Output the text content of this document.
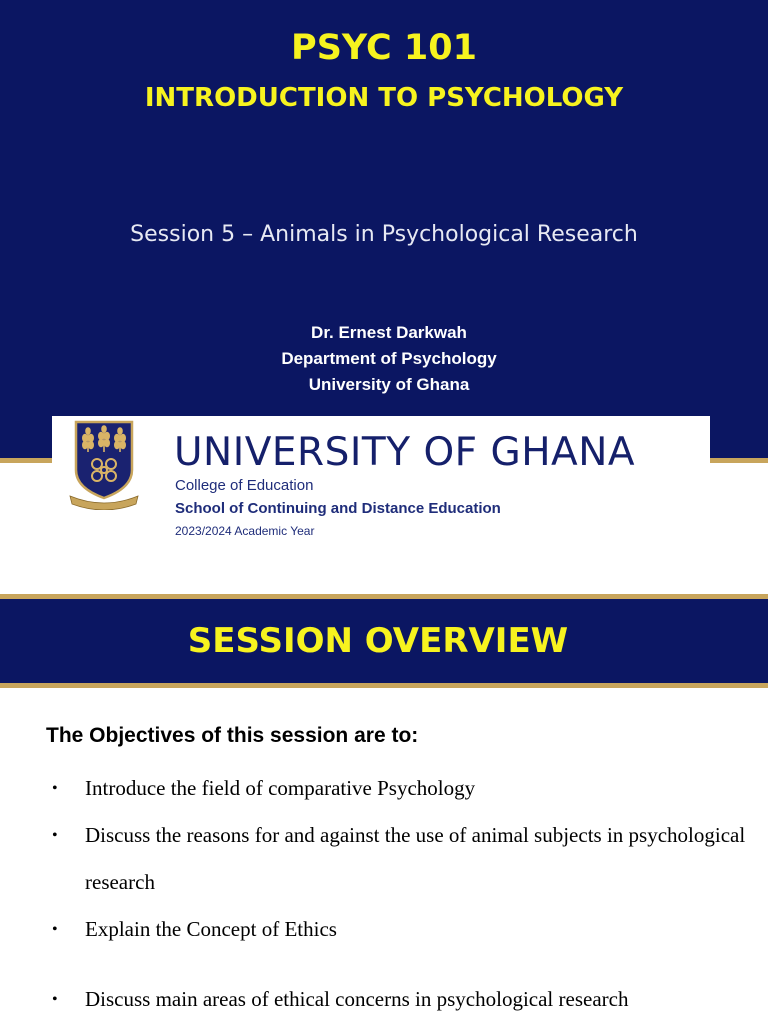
PSYC 101
INTRODUCTION TO PSYCHOLOGY
Session 5 – Animals in Psychological Research
Dr. Ernest Darkwah
Department of Psychology
University of Ghana
UNIVERSITY OF GHANA
College of Education
School of Continuing and Distance Education
2023/2024 Academic Year
SESSION OVERVIEW
The Objectives of this session are to:
• Introduce the field of comparative Psychology
• Discuss the reasons for and against the use of animal subjects in psychological research
• Explain the Concept of Ethics
• Discuss main areas of ethical concerns in psychological research
